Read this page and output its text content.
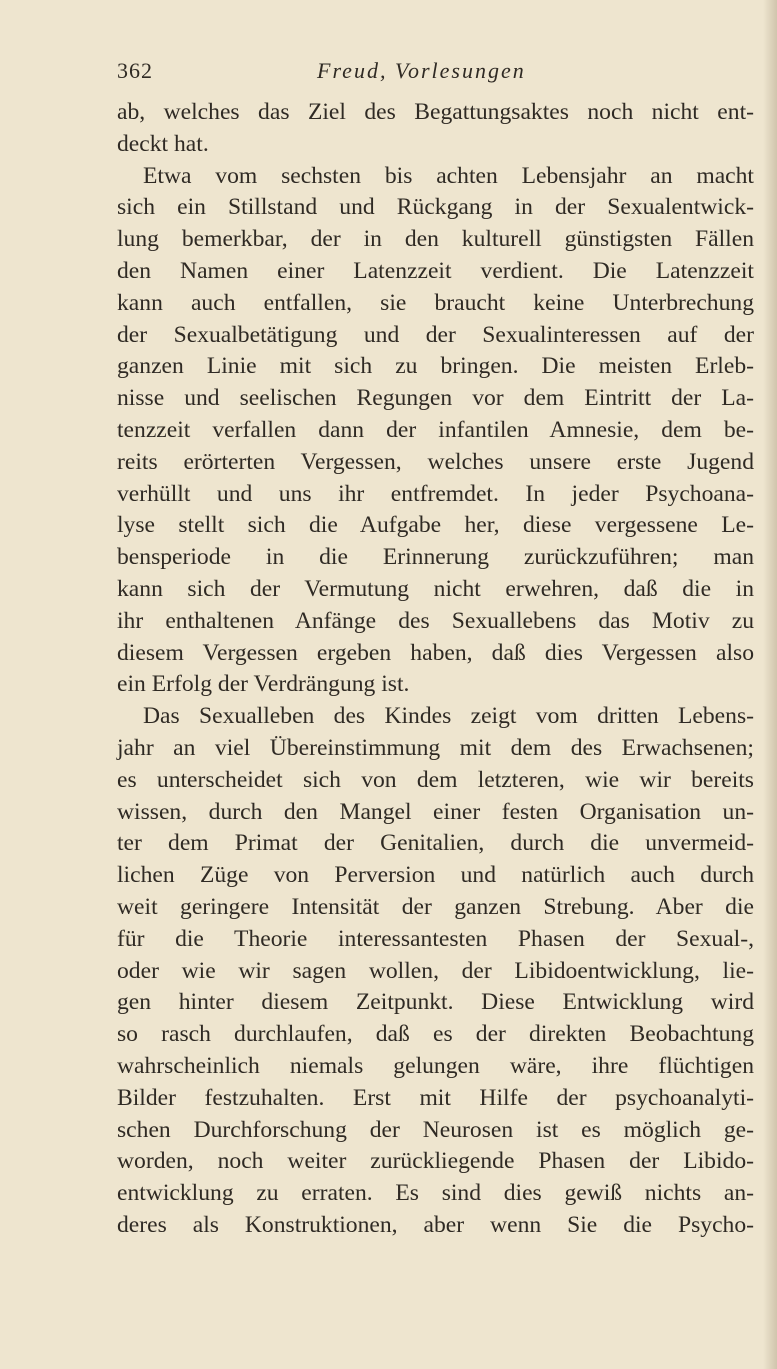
362	Freud, Vorlesungen
ab, welches das Ziel des Begattungsaktes noch nicht ent-
deckt hat.
Etwa vom sechsten bis achten Lebensjahr an macht
sich ein Stillstand und Rückgang in der Sexualentwick-
lung bemerkbar, der in den kulturell günstigsten Fällen
den Namen einer Latenzzeit verdient. Die Latenzzeit
kann auch entfallen, sie braucht keine Unterbrechung
der Sexualbetätigung und der Sexualinteressen auf der
ganzen Linie mit sich zu bringen. Die meisten Erleb-
nisse und seelischen Regungen vor dem Eintritt der La-
tenzzeit verfallen dann der infantilen Amnesie, dem be-
reits erörterten Vergessen, welches unsere erste Jugend
verhüllt und uns ihr entfremdet. In jeder Psychoana-
lyse stellt sich die Aufgabe her, diese vergessene Le-
bensperiode in die Erinnerung zurückzuführen; man
kann sich der Vermutung nicht erwehren, daß die in
ihr enthaltenen Anfänge des Sexuallebens das Motiv zu
diesem Vergessen ergeben haben, daß dies Vergessen also
ein Erfolg der Verdrängung ist.
Das Sexualleben des Kindes zeigt vom dritten Lebens-
jahr an viel Übereinstimmung mit dem des Erwachsenen;
es unterscheidet sich von dem letzteren, wie wir bereits
wissen, durch den Mangel einer festen Organisation un-
ter dem Primat der Genitalien, durch die unvermeid-
lichen Züge von Perversion und natürlich auch durch
weit geringere Intensität der ganzen Strebung. Aber die
für die Theorie interessantesten Phasen der Sexual-,
oder wie wir sagen wollen, der Libidoentwicklung, lie-
gen hinter diesem Zeitpunkt. Diese Entwicklung wird
so rasch durchlaufen, daß es der direkten Beobachtung
wahrscheinlich niemals gelungen wäre, ihre flüchtigen
Bilder festzuhalten. Erst mit Hilfe der psychoanalyti-
schen Durchforschung der Neurosen ist es möglich ge-
worden, noch weiter zurückliegende Phasen der Libido-
entwicklung zu erraten. Es sind dies gewiß nichts an-
deres als Konstruktionen, aber wenn Sie die Psycho-
